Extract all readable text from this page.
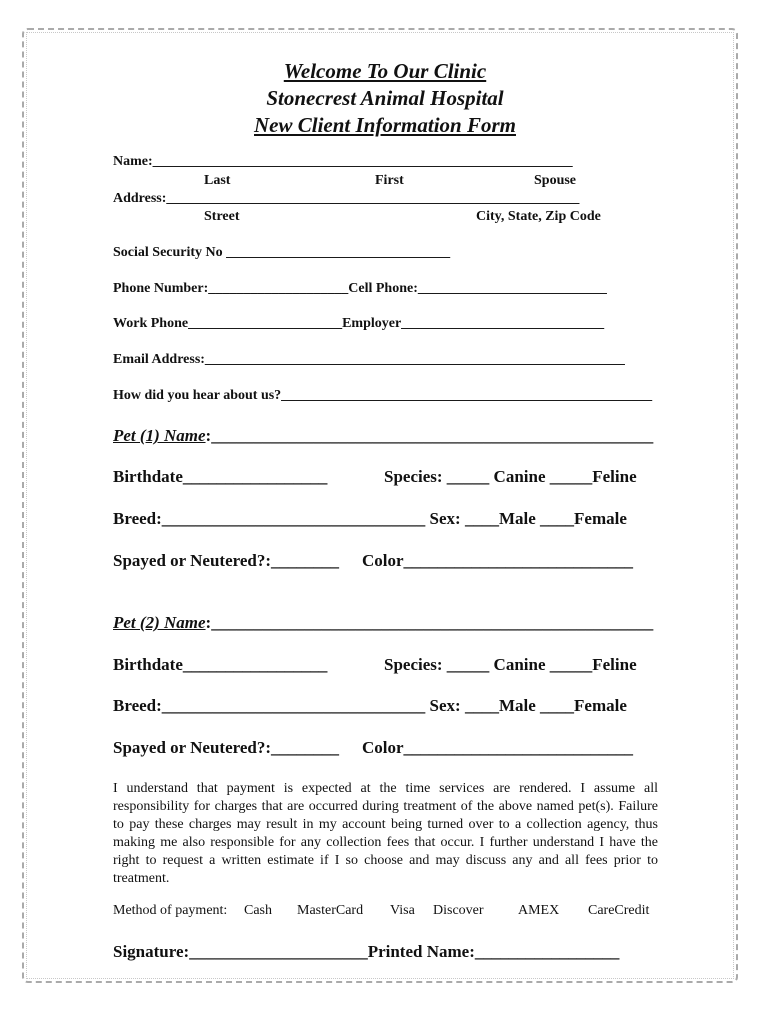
Welcome To Our Clinic
Stonecrest Animal Hospital
New Client Information Form
Name:____________________________________________________________
Last	First	Spouse
Address:___________________________________________________________
Street	City, State, Zip Code
Social Security No ________________________________
Phone Number:____________________Cell Phone:___________________________
Work Phone______________________Employer_____________________________
Email Address:____________________________________________________________
How did you hear about us?_____________________________________________________
Pet (1) Name:____________________________________________________
Birthdate_________________	Species: _____ Canine _____Feline
Breed:_______________________________ Sex: ____Male ____Female
Spayed or Neutered?:________ Color___________________________
Pet (2) Name:____________________________________________________
Birthdate_________________	Species: _____ Canine _____Feline
Breed:_______________________________ Sex: ____Male ____Female
Spayed or Neutered?:________ Color___________________________
I understand that payment is expected at the time services are rendered. I assume all responsibility for charges that are occurred during treatment of the above named pet(s). Failure to pay these charges may result in my account being turned over to a collection agency, thus making me also responsible for any collection fees that occur. I further understand I have the right to request a written estimate if I so choose and may discuss any and all fees prior to treatment.
Method of payment: Cash MasterCard Visa Discover AMEX CareCredit
Signature:_____________________Printed Name:_________________
